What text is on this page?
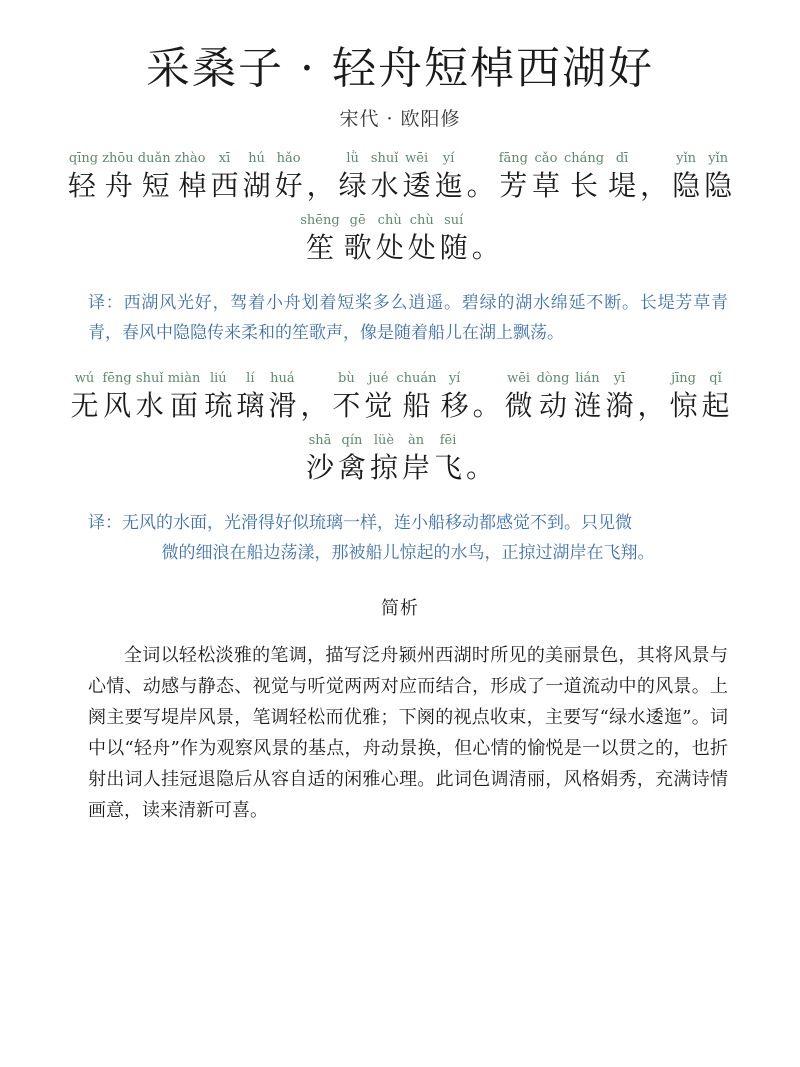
采桑子 · 轻舟短棹西湖好
宋代 · 欧阳修
qīng zhōu duǎn zhào
轻 舟 短 棹
xī
西
hú
湖
hǎo
好 ，
lǜ
绿
shuǐ
水
wēi
逶
yí
迤 。
fāng
芳
cǎo
草
cháng
长
dī
堤 ，
yǐn
隐
yǐn
隐
shēng
笙
gē
歌
chù
处
chù
处
suí
随 。
译：西湖风光好，驾着小舟划着短桨多么逍遥。碧绿的湖水绵延不断。长堤芳草青青，春风中隐隐传来柔和的笙歌声，像是随着船儿在湖上飘荡。
wú
无
fēng
风
shuǐ
水
miàn
面
liú
琉
lí
璃
huá
滑 ，
bù
不
jué
觉
chuán
船
yí
移 。
wēi
微
dòng
动
lián
涟
yī
漪 ，
jīng
惊
qǐ
起
shā
沙
qín
禽
lüè
掠
àn
岸
fēi
飞 。
译：无风的水面，光滑得好似琉璃一样，连小船移动都感觉不到。只见微
微的细浪在船边荡漾，那被船儿惊起的水鸟，正掠过湖岸在飞翔。
简析
全词以轻松淡雅的笔调，描写泛舟颍州西湖时所见的美丽景色，其将风景与心情、动感与静态、视觉与听觉两两对应而结合，形成了一道流动中的风景。上阕主要写堤岸风景，笔调轻松而优雅；下阕的视点收束，主要写“绿水逶迤”。词中以“轻舟”作为观察风景的基点，舟动景换，但心情的愉悦是一以贯之的，也折射出词人挂冠退隐后从容自适的闲雅心理。此词色调清丽，风格娟秀，充满诗情画意，读来清新可喜。
